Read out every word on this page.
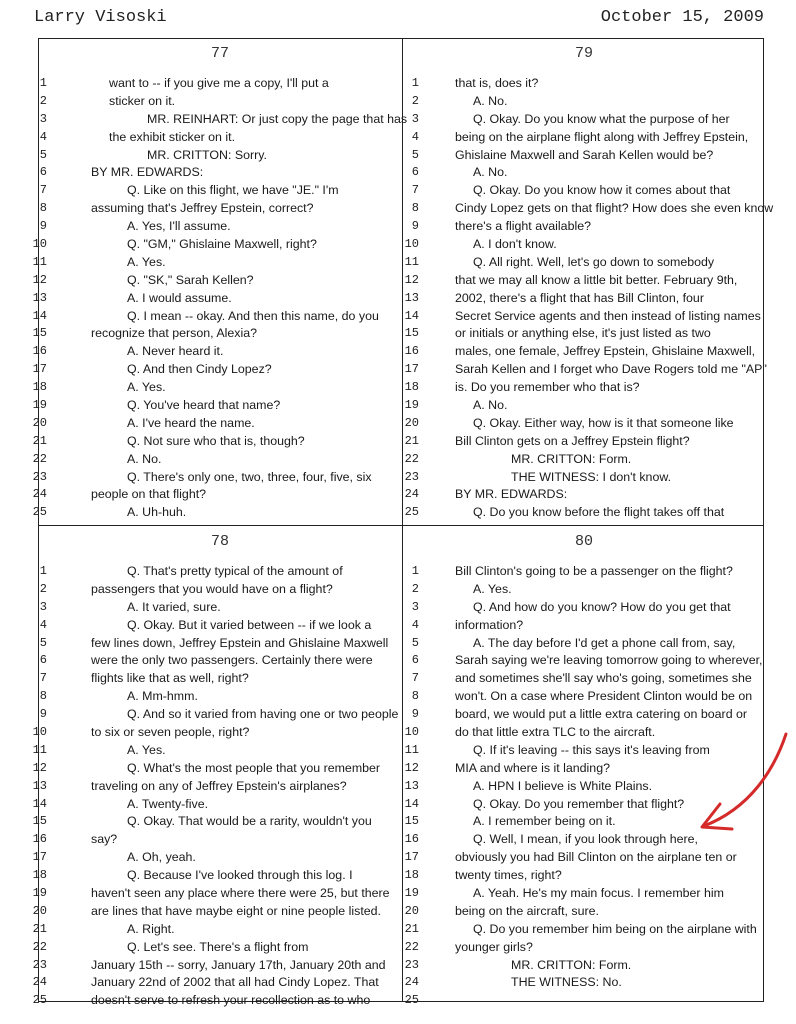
Larry Visoski	October 15, 2009
77
1	want to -- if you give me a copy, I'll put a
2	sticker on it.
3	MR. REINHART: Or just copy the page that has
4	the exhibit sticker on it.
5	MR. CRITTON: Sorry.
6	BY MR. EDWARDS:
7	Q. Like on this flight, we have "JE." I'm
8	assuming that's Jeffrey Epstein, correct?
9	A. Yes, I'll assume.
10	Q. "GM," Ghislaine Maxwell, right?
11	A. Yes.
12	Q. "SK," Sarah Kellen?
13	A. I would assume.
14	Q. I mean -- okay. And then this name, do you
15	recognize that person, Alexia?
16	A. Never heard it.
17	Q. And then Cindy Lopez?
18	A. Yes.
19	Q. You've heard that name?
20	A. I've heard the name.
21	Q. Not sure who that is, though?
22	A. No.
23	Q. There's only one, two, three, four, five, six
24	people on that flight?
25	A. Uh-huh.
79
1	that is, does it?
2	A. No.
3	Q. Okay. Do you know what the purpose of her
4	being on the airplane flight along with Jeffrey Epstein,
5	Ghislaine Maxwell and Sarah Kellen would be?
6	A. No.
7	Q. Okay. Do you know how it comes about that
8	Cindy Lopez gets on that flight? How does she even know
9	there's a flight available?
10	A. I don't know.
11	Q. All right. Well, let's go down to somebody
12	that we may all know a little bit better. February 9th,
13	2002, there's a flight that has Bill Clinton, four
14	Secret Service agents and then instead of listing names
15	or initials or anything else, it's just listed as two
16	males, one female, Jeffrey Epstein, Ghislaine Maxwell,
17	Sarah Kellen and I forget who Dave Rogers told me "AP"
18	is. Do you remember who that is?
19	A. No.
20	Q. Okay. Either way, how is it that someone like
21	Bill Clinton gets on a Jeffrey Epstein flight?
22	MR. CRITTON: Form.
23	THE WITNESS: I don't know.
24	BY MR. EDWARDS:
25	Q. Do you know before the flight takes off that
78
1	Q. That's pretty typical of the amount of
2	passengers that you would have on a flight?
3	A. It varied, sure.
4	Q. Okay. But it varied between -- if we look a
5	few lines down, Jeffrey Epstein and Ghislaine Maxwell
6	were the only two passengers. Certainly there were
7	flights like that as well, right?
8	A. Mm-hmm.
9	Q. And so it varied from having one or two people
10	to six or seven people, right?
11	A. Yes.
12	Q. What's the most people that you remember
13	traveling on any of Jeffrey Epstein's airplanes?
14	A. Twenty-five.
15	Q. Okay. That would be a rarity, wouldn't you
16	say?
17	A. Oh, yeah.
18	Q. Because I've looked through this log. I
19	haven't seen any place where there were 25, but there
20	are lines that have maybe eight or nine people listed.
21	A. Right.
22	Q. Let's see. There's a flight from
23	January 15th -- sorry, January 17th, January 20th and
24	January 22nd of 2002 that all had Cindy Lopez. That
25	doesn't serve to refresh your recollection as to who
80
1	Bill Clinton's going to be a passenger on the flight?
2	A. Yes.
3	Q. And how do you know? How do you get that
4	information?
5	A. The day before I'd get a phone call from, say,
6	Sarah saying we're leaving tomorrow going to wherever,
7	and sometimes she'll say who's going, sometimes she
8	won't. On a case where President Clinton would be on
9	board, we would put a little extra catering on board or
10	do that little extra TLC to the aircraft.
11	Q. If it's leaving -- this says it's leaving from
12	MIA and where is it landing?
13	A. HPN I believe is White Plains.
14	Q. Okay. Do you remember that flight?
15	A. I remember being on it.
16	Q. Well, I mean, if you look through here,
17	obviously you had Bill Clinton on the airplane ten or
18	twenty times, right?
19	A. Yeah. He's my main focus. I remember him
20	being on the aircraft, sure.
21	Q. Do you remember him being on the airplane with
22	younger girls?
23	MR. CRITTON: Form.
24	THE WITNESS: No.
25
